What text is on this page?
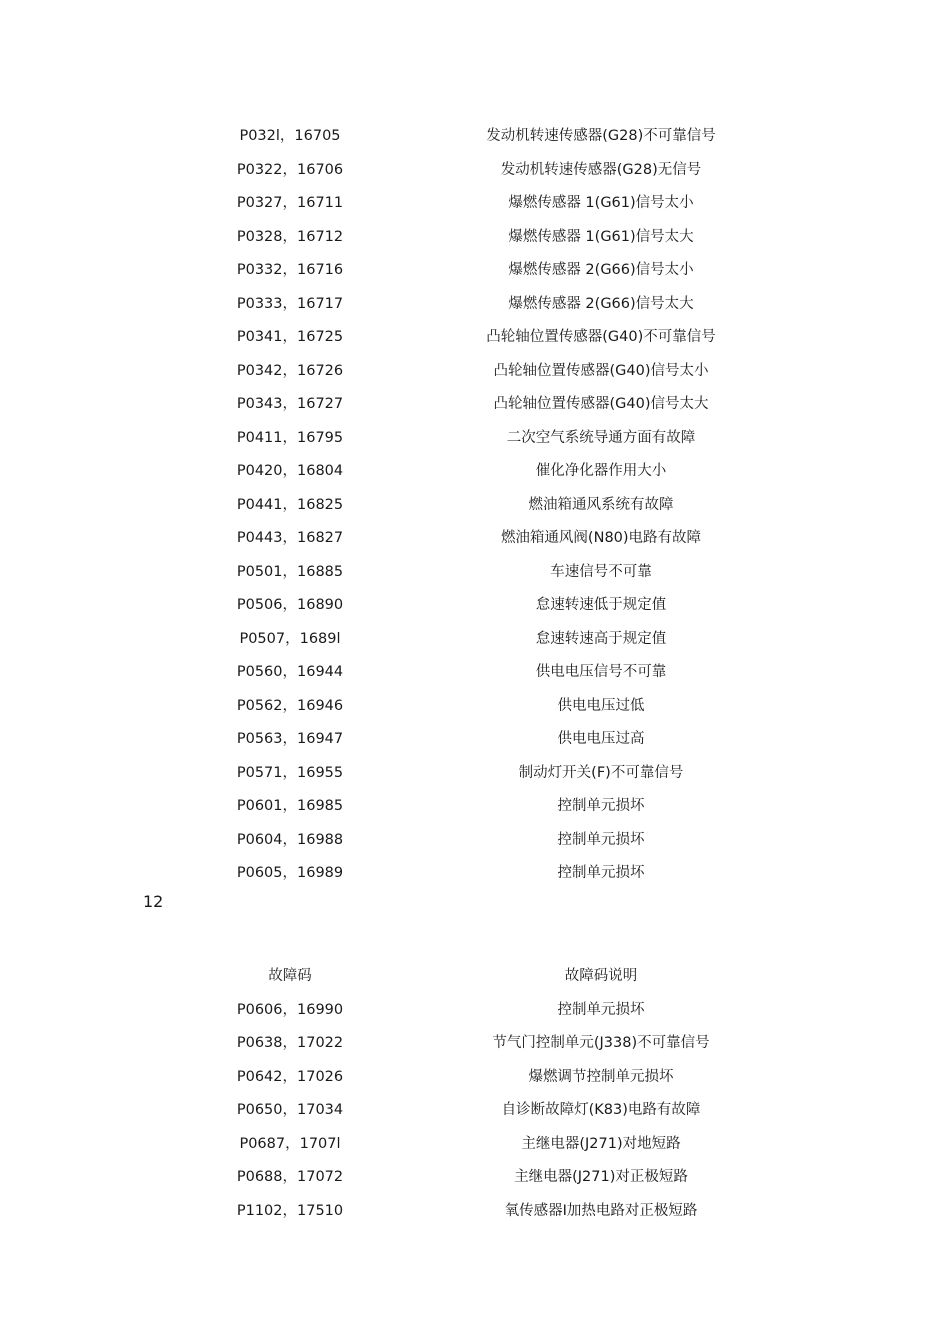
P032l，16705	发动机转速传感器(G28)不可靠信号
P0322，16706	发动机转速传感器(G28)无信号
P0327，16711	爆燃传感器 1(G61)信号太小
P0328，16712	爆燃传感器 1(G61)信号太大
P0332，16716	爆燃传感器 2(G66)信号太小
P0333，16717	爆燃传感器 2(G66)信号太大
P0341，16725	凸轮轴位置传感器(G40)不可靠信号
P0342，16726	凸轮轴位置传感器(G40)信号太小
P0343，16727	凸轮轴位置传感器(G40)信号太大
P0411，16795	二次空气系统导通方面有故障
P0420，16804	催化净化器作用大小
P0441，16825	燃油箱通风系统有故障
P0443，16827	燃油箱通风阀(N80)电路有故障
P0501，16885	车速信号不可靠
P0506，16890	怠速转速低于规定值
P0507，1689l	怠速转速高于规定值
P0560，16944	供电电压信号不可靠
P0562，16946	供电电压过低
P0563，16947	供电电压过高
P0571，16955	制动灯开关(F)不可靠信号
P0601，16985	控制单元损坏
P0604，16988	控制单元损坏
P0605，16989	控制单元损坏
12
故障码	故障码说明
P0606，16990	控制单元损坏
P0638，17022	节气门控制单元(J338)不可靠信号
P0642，17026	爆燃调节控制单元损坏
P0650，17034	自诊断故障灯(K83)电路有故障
P0687，1707l	主继电器(J271)对地短路
P0688，17072	主继电器(J271)对正极短路
P1102，17510	氧传感器Ⅰ加热电路对正极短路
